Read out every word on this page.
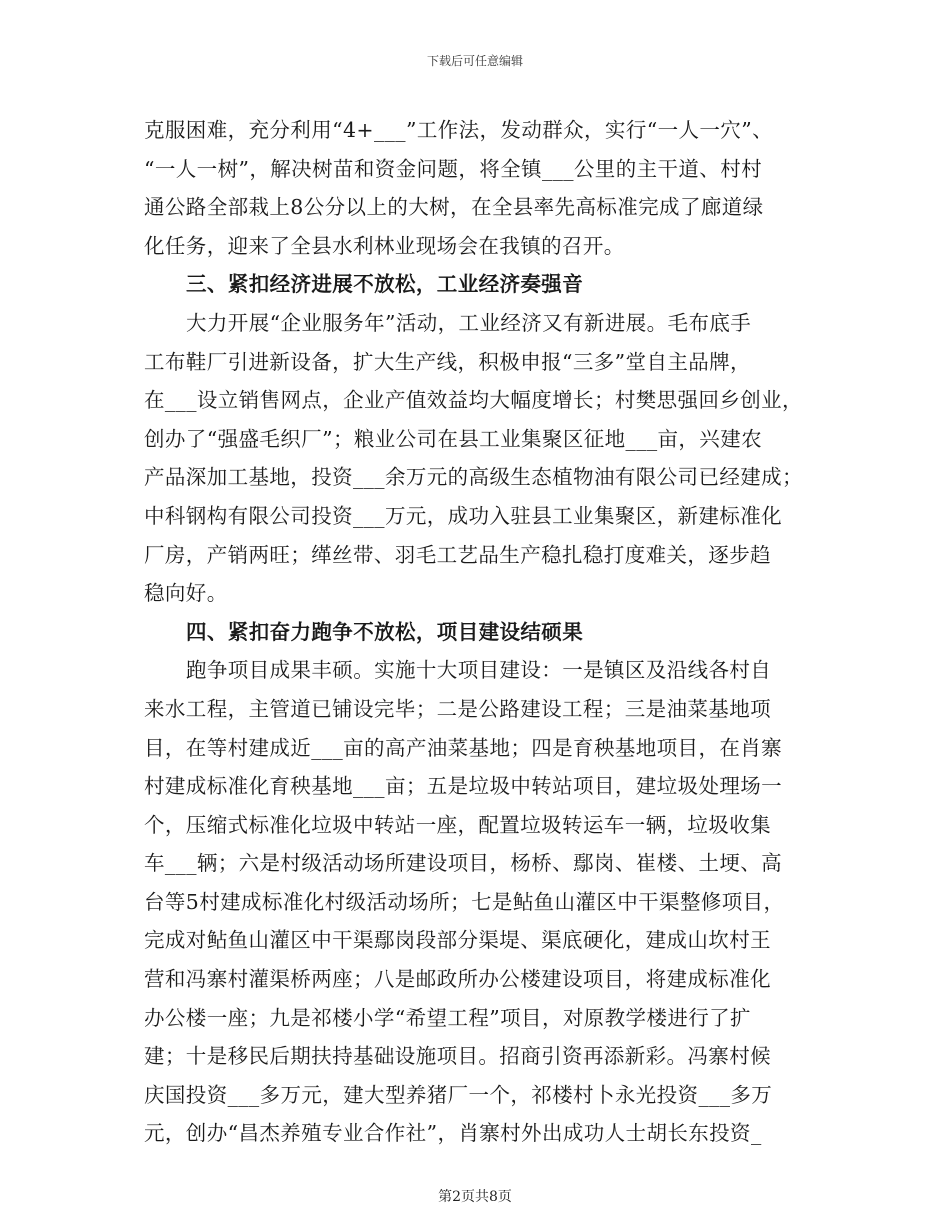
下载后可任意编辑
克服困难，充分利用“4+___”工作法，发动群众，实行“一人一穴”、
“一人一树”，解决树苗和资金问题，将全镇___公里的主干道、村村
通公路全部栽上8公分以上的大树，在全县率先高标准完成了廊道绿
化任务，迎来了全县水利林业现场会在我镇的召开。
三、紧扣经济进展不放松，工业经济奏强音
大力开展“企业服务年”活动，工业经济又有新进展。毛布底手
工布鞋厂引进新设备，扩大生产线，积极申报“三多”堂自主品牌，
在___设立销售网点，企业产值效益均大幅度增长；村樊思强回乡创业，
创办了“强盛毛织厂”；粮业公司在县工业集聚区征地___亩，兴建农
产品深加工基地，投资___余万元的高级生态植物油有限公司已经建成；
中科钢构有限公司投资___万元，成功入驻县工业集聚区，新建标准化
厂房，产销两旺；缂丝带、羽毛工艺品生产稳扎稳打度难关，逐步趋
稳向好。
四、紧扣奋力跑争不放松，项目建设结硕果
跑争项目成果丰硕。实施十大项目建设：一是镇区及沿线各村自
来水工程，主管道已铺设完毕；二是公路建设工程；三是油菜基地项
目，在等村建成近___亩的高产油菜基地；四是育秧基地项目，在肖寨
村建成标准化育秧基地___亩；五是垃圾中转站项目，建垃圾处理场一
个，压缩式标准化垃圾中转站一座，配置垃圾转运车一辆，垃圾收集
车___辆；六是村级活动场所建设项目，杨桥、鄢岗、崔楼、土埂、高
台等5村建成标准化村级活动场所；七是鲇鱼山灌区中干渠整修项目，
完成对鲇鱼山灌区中干渠鄢岗段部分渠堤、渠底硬化，建成山坎村王
营和冯寨村灌渠桥两座；八是邮政所办公楼建设项目，将建成标准化
办公楼一座；九是祁楼小学“希望工程”项目，对原教学楼进行了扩
建；十是移民后期扶持基础设施项目。招商引资再添新彩。冯寨村候
庆国投资___多万元，建大型养猪厂一个，祁楼村卜永光投资___多万
元，创办“昌杰养殖专业合作社”，肖寨村外出成功人士胡长东投资_
第2页共8页
